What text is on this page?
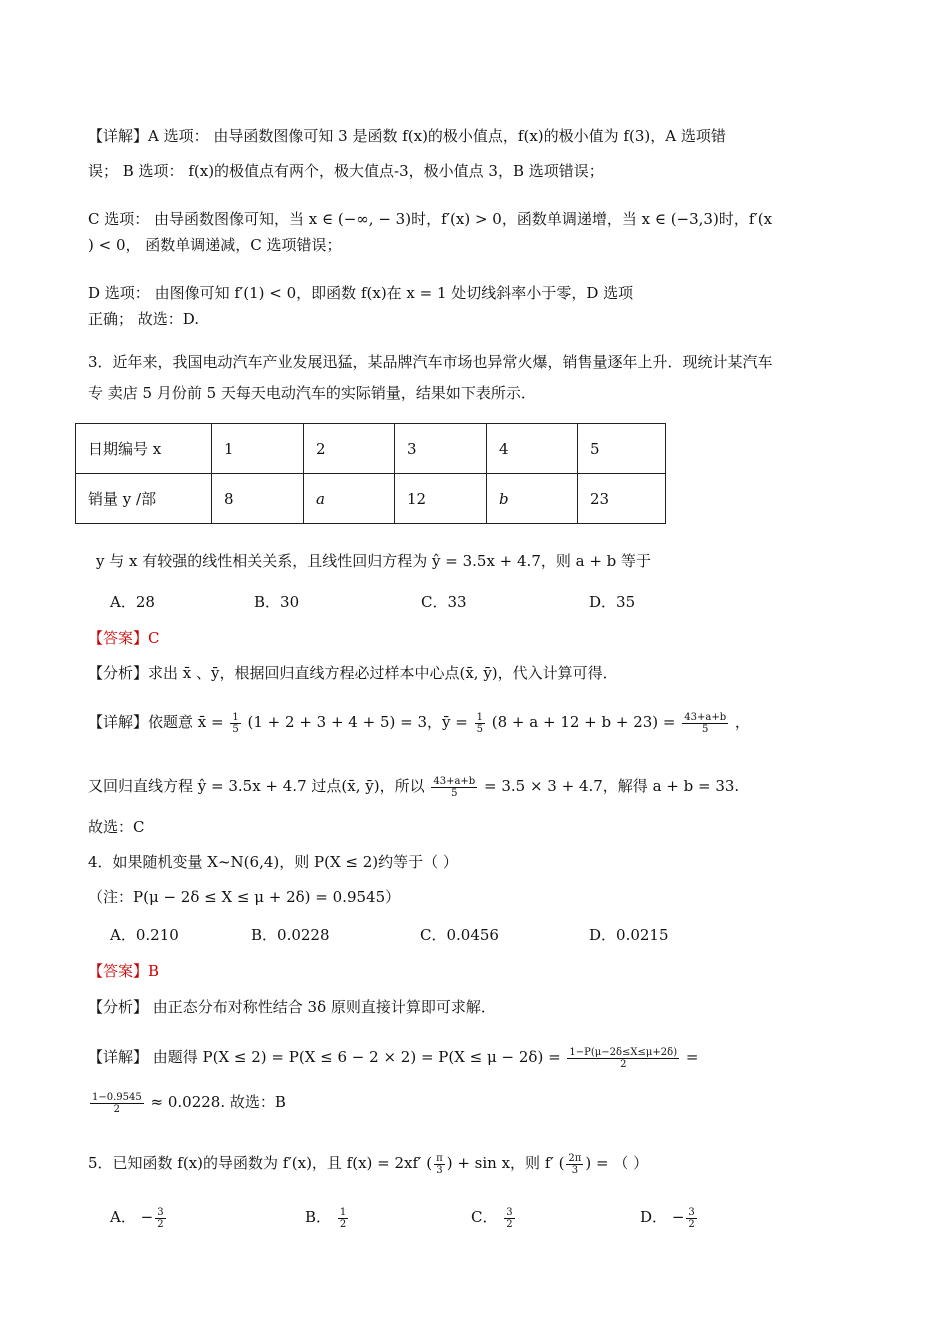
【详解】A 选项： 由导函数图像可知 3 是函数 f(x)的极小值点，f(x)的极小值为 f(3)，A 选项错
误； B 选项： f(x)的极值点有两个，极大值点-3，极小值点 3，B 选项错误；
C 选项： 由导函数图像可知，当 x ∈ (−∞, − 3)时，f′(x) > 0，函数单调递增，当 x ∈ (−3,3)时，f′(x
) < 0， 函数单调递减，C 选项错误；
D 选项： 由图像可知 f′(1) < 0，即函数 f(x)在 x = 1 处切线斜率小于零，D 选项
正确； 故选：D.
3．近年来，我国电动汽车产业发展迅猛，某品牌汽车市场也异常火爆，销售量逐年上升．现统计某汽车
专 卖店 5 月份前 5 天每天电动汽车的实际销量，结果如下表所示．
日期编号 x	1	2	3	4	5
销量 y /部	8	a	12	b	23
y 与 x 有较强的线性相关关系，且线性回归方程为 ŷ = 3.5x + 4.7，则 a + b 等于
A．28	B．30	C．33	D．35
【答案】C
【分析】求出 x̄ 、ȳ，根据回归直线方程必过样本中心点(x̄, ȳ)，代入计算可得．
【详解】依题意 x̄ = $\frac{1}{5} (1 + 2 + 3 + 4 + 5) = 3$，ȳ = $\frac{1}{5} (8 + a + 12 + b + 23) = \frac{43+a+b}{5}$ ，
又回归直线方程 ŷ = 3.5x + 4.7 过点(x̄, ȳ)，所以 $\frac{43+a+b}{5} = 3.5 \times 3 + 4.7$，解得 a + b = 33.
故选：C
4．如果随机变量 X~N(6,4)，则 P(X ≤ 2)约等于（ ）
（注：P(μ − 2δ ≤ X ≤ μ + 2δ) = 0.9545）
A．0.210	B．0.0228	C．0.0456	D．0.0215
【答案】B
【分析】 由正态分布对称性结合 3δ 原则直接计算即可求解．
【详解】 由题得 $P(X \le 2) = P(X \le 6 - 2 \times 2) = P(X \le \mu - 2\delta) = \frac{1-P(\mu-2\delta\le X\le\mu+2\delta)}{2}$ =
$\frac{1-0.9545}{2} \approx 0.0228$. 故选：B
5．已知函数 f(x)的导函数为 f′(x)，且 f(x) = 2xf′ ( $\frac{\pi}{3}$ ) + sin x，则 f′ ( $\frac{2\pi}{3}$ ) = （ ）
A． − $\frac{3}{2}$	B． $\frac{1}{2}$	C． $\frac{3}{2}$	D． − $\frac{3}{2}$
